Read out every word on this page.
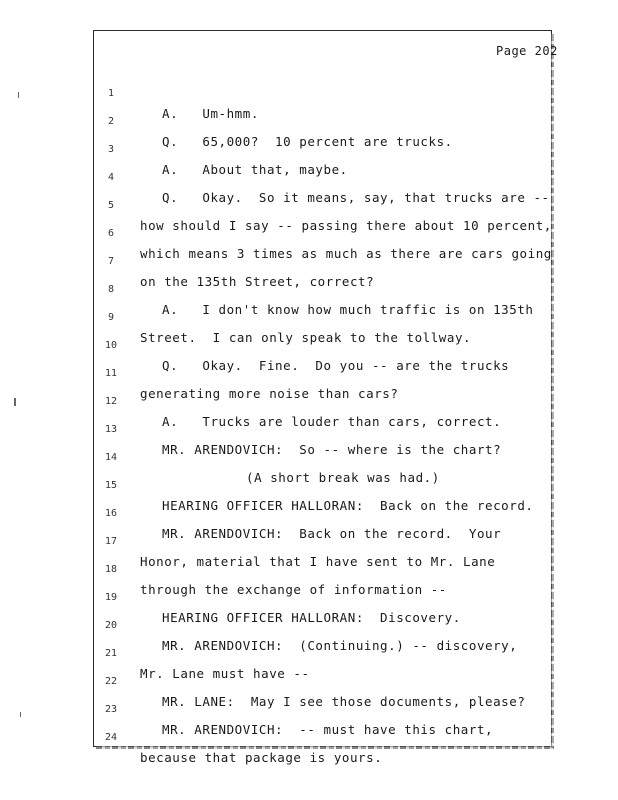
Page 202

1

A.   Um-hmm.

2

Q.   65,000?  10 percent are trucks.

3

A.   About that, maybe.

4

Q.   Okay.  So it means, say, that trucks are --

5

how should I say -- passing there about 10 percent,

6

which means 3 times as much as there are cars going

7

on the 135th Street, correct?

8

A.   I don't know how much traffic is on 135th

9

Street.  I can only speak to the tollway.

10

Q.   Okay.  Fine.  Do you -- are the trucks

11

generating more noise than cars?

12

A.   Trucks are louder than cars, correct.

13

MR. ARENDOVICH:  So -- where is the chart?

14

(A short break was had.)

15

HEARING OFFICER HALLORAN:  Back on the record.

16

MR. ARENDOVICH:  Back on the record.  Your

17

Honor, material that I have sent to Mr. Lane

18

through the exchange of information --

19

HEARING OFFICER HALLORAN:  Discovery.

20

MR. ARENDOVICH:  (Continuing.) -- discovery,

21

Mr. Lane must have --

22

MR. LANE:  May I see those documents, please?

23

MR. ARENDOVICH:  -- must have this chart,

24

because that package is yours.
